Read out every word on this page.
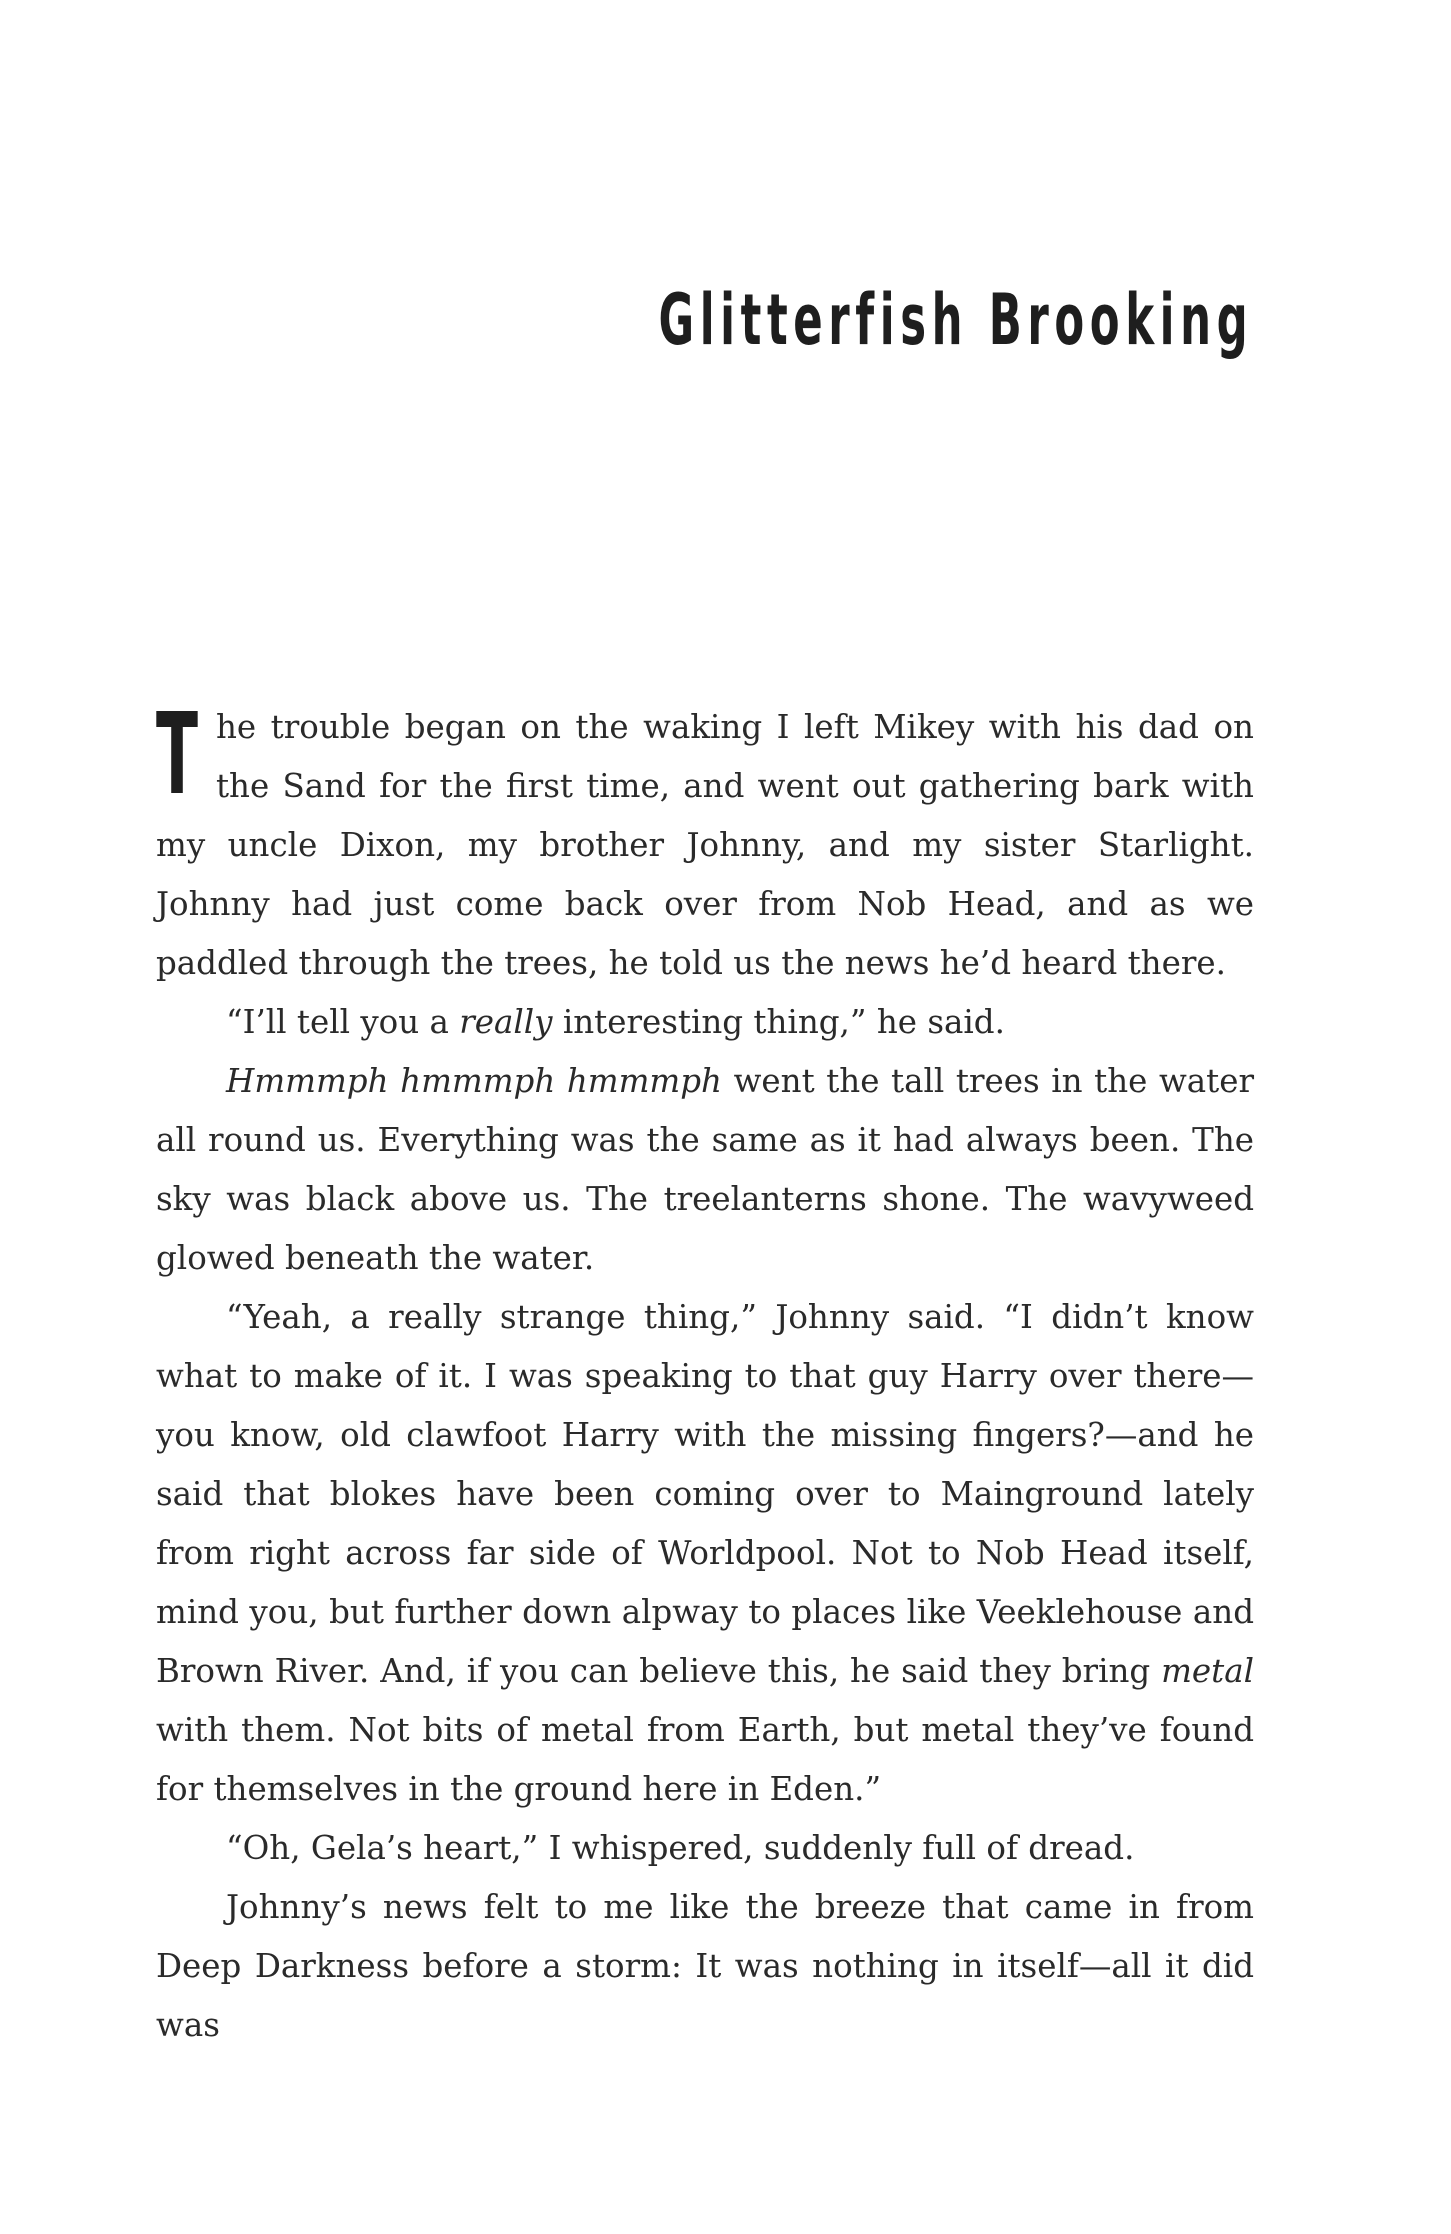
Glitterfish Brooking

The trouble began on the waking I left Mikey with his dad on the Sand for the first time, and went out gathering bark with my uncle Dixon, my brother Johnny, and my sister Starlight. Johnny had just come back over from Nob Head, and as we paddled through the trees, he told us the news he’d heard there.

“I’ll tell you a really interesting thing,” he said.

Hmmmph hmmmph hmmmph went the tall trees in the water all round us. Everything was the same as it had always been. The sky was black above us. The treelanterns shone. The wavyweed glowed beneath the water.

“Yeah, a really strange thing,” Johnny said. “I didn’t know what to make of it. I was speaking to that guy Harry over there—you know, old clawfoot Harry with the missing fingers?—and he said that blokes have been coming over to Mainground lately from right across far side of Worldpool. Not to Nob Head itself, mind you, but further down alpway to places like Veeklehouse and Brown River. And, if you can believe this, he said they bring metal with them. Not bits of metal from Earth, but metal they’ve found for themselves in the ground here in Eden.”

“Oh, Gela’s heart,” I whispered, suddenly full of dread.

Johnny’s news felt to me like the breeze that came in from Deep Darkness before a storm: It was nothing in itself—all it did was
